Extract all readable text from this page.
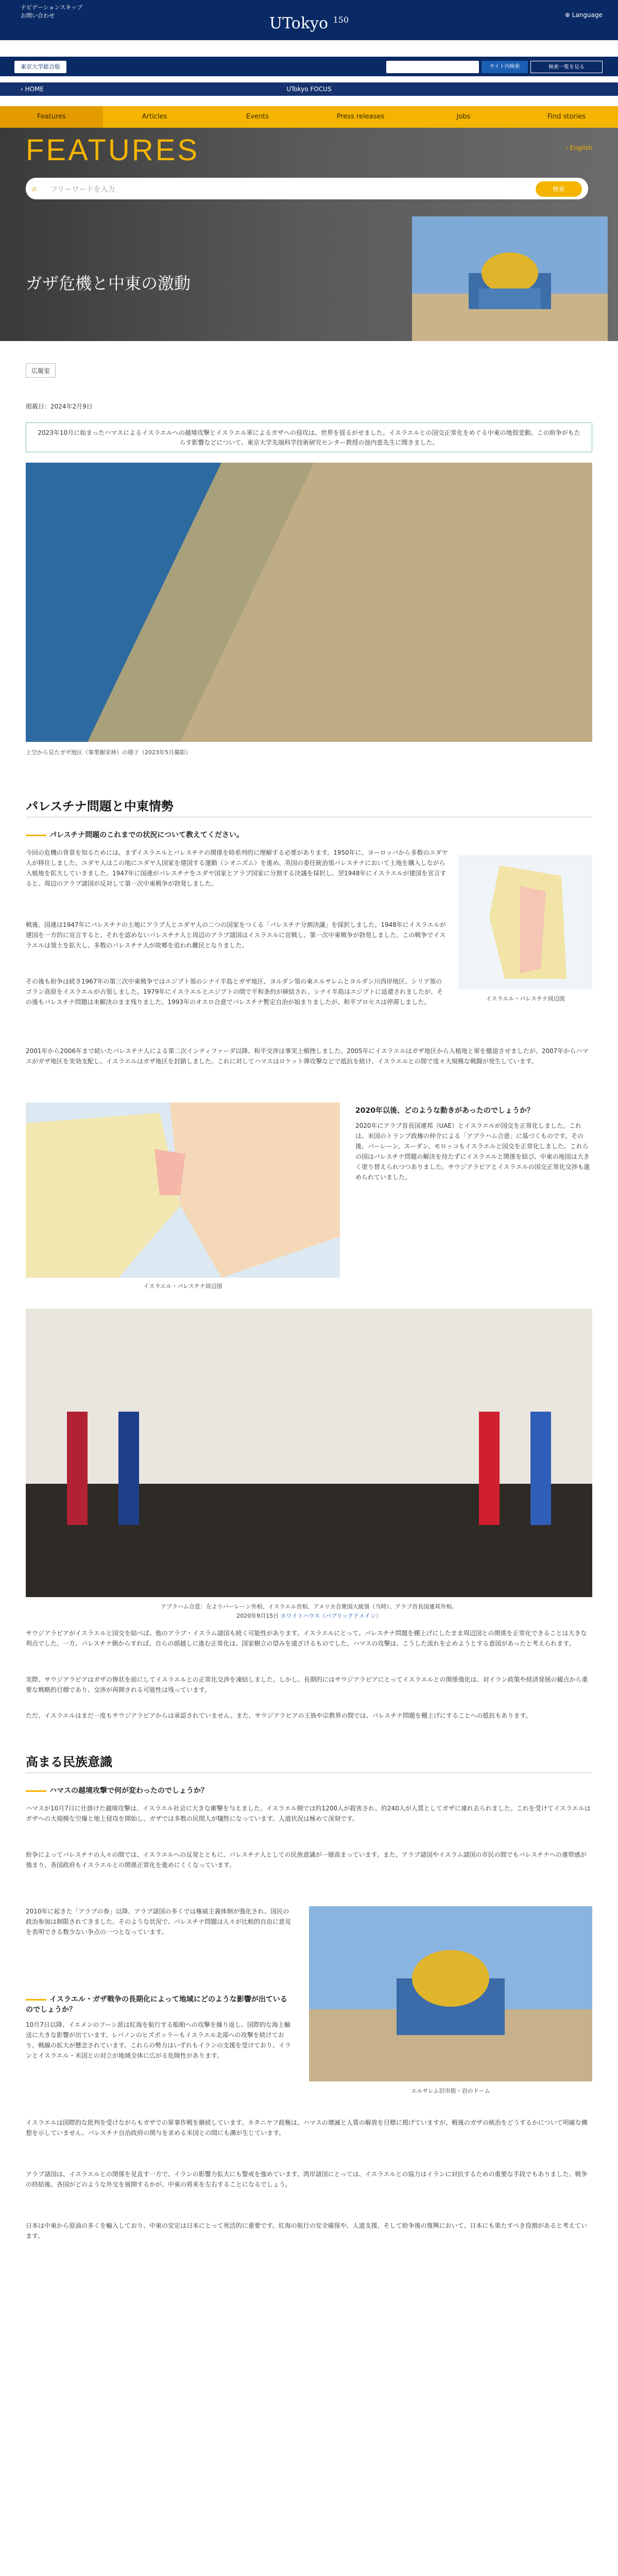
ナビゲーションスキップ
お問い合わせ	UTokyo $^{150}$	⊕ Language
東京大学総合版	サイト内検索	検索一覧を見る
› HOME	UTokyo FOCUS
Features	Articles	Events	Press releases	Jobs	Find stories
FEATURES	› English
⌕ フリーワードを入力	検索
ガザ危機と中東の激動
広報室
掲載日：2024年2月9日
2023年10月に始まったハマスによるイスラエルへの越境攻撃とイスラエル軍によるガザへの侵攻は、世界を揺るがせました。イスラエルとの国交正常化をめぐる中東の地殻変動、この紛争がもたらす影響などについて、東京大学先端科学技術研究センター教授の池内恵先生に聞きました。
上空から見たガザ地区（事業樹栄林）の様子（2023年5月撮影）
パレスチナ問題と中東情勢
パレスチナ問題のこれまでの状況について教えてください。
今回の危機の背景を知るためには、まずイスラエルとパレスチナの関係を時系列的に理解する必要があります。1950年に、ヨーロッパから多数のユダヤ人が移住しました。ユダヤ人はこの地にユダヤ人国家を建国する運動（シオニズム）を進め、英国の委任統治領パレスチナにおいて土地を購入しながら入植地を拡大していきました。1947年に国連がパレスチナをユダヤ国家とアラブ国家に分割する決議を採択し、翌1948年にイスラエルが建国を宣言すると、周辺のアラブ諸国が反対して第一次中東戦争が勃発しました。
戦後、国連は1947年にパレスチナの土地にアラブ人とユダヤ人の二つの国家をつくる「パレスチナ分割決議」を採択しました。1948年にイスラエルが建国を一方的に宣言すると、それを認めないパレスチナ人と周辺のアラブ諸国はイスラエルに宣戦し、第一次中東戦争が勃発しました。この戦争でイスラエルは領土を拡大し、多数のパレスチナ人が故郷を追われ難民となりました。
その後も紛争は続き1967年の第三次中東戦争ではエジプト領のシナイ半島とガザ地区、ヨルダン領の東エルサレムとヨルダン川西岸地区、シリア領のゴラン高原をイスラエルが占領しました。1979年にイスラエルとエジプトの間で平和条約が締結され、シナイ半島はエジプトに返還されましたが、その後もパレスチナ問題は未解決のまま残りました。1993年のオスロ合意でパレスチナ暫定自治が始まりましたが、和平プロセスは停滞しました。
2001年から2006年まで続いたパレスチナ人による第二次インティファーダ以降、和平交渉は事実上頓挫しました。2005年にイスラエルはガザ地区から入植地と軍を撤退させましたが、2007年からハマスがガザ地区を実効支配し、イスラエルはガザ地区を封鎖しました。これに対してハマスはロケット弾攻撃などで抵抗を続け、イスラエルとの間で度々大規模な戦闘が発生しています。
イスラエル・パレスチナ周辺図
イスラエル・パレスチナ周辺図
2020年以後、どのような動きがあったのでしょうか？
2020年にアラブ首長国連邦（UAE）とイスラエルが国交を正常化しました。これは、米国のトランプ政権の仲介による「アブラハム合意」に基づくものです。その後、バーレーン、スーダン、モロッコもイスラエルと国交を正常化しました。これらの国はパレスチナ問題の解決を待たずにイスラエルと関係を結び、中東の地図は大きく塗り替えられつつありました。サウジアラビアとイスラエルの国交正常化交渉も進められていました。
アブラハム合意：左よりバーレーン外相、イスラエル首相、アメリカ合衆国大統領（当時）、アラブ首長国連邦外相。
2020年9月15日 ホワイトハウス（パブリックドメイン）
サウジアラビアがイスラエルと国交を結べば、他のアラブ・イスラム諸国も続く可能性があります。イスラエルにとって、パレスチナ問題を棚上げにしたまま周辺国との関係を正常化できることは大きな利点でした。一方、パレスチナ側からすれば、自らの頭越しに進む正常化は、国家樹立の望みを遠ざけるものでした。ハマスの攻撃は、こうした流れを止めようとする意図があったと考えられます。
実際、サウジアラビアはガザの惨状を前にしてイスラエルとの正常化交渉を凍結しました。しかし、長期的にはサウジアラビアにとってイスラエルとの関係強化は、対イラン政策や経済発展の観点から重要な戦略的目標であり、交渉が再開される可能性は残っています。
ただ、イスラエルはまだ一度もサウジアラビアからは承認されていません。また、サウジアラビアの王族や宗教界の間では、パレスチナ問題を棚上げにすることへの抵抗もあります。
高まる民族意識
ハマスの越境攻撃で何が変わったのでしょうか？
ハマスが10月7日に仕掛けた越境攻撃は、イスラエル社会に大きな衝撃を与えました。イスラエル側では約1200人が殺害され、約240人が人質としてガザに連れ去られました。これを受けてイスラエルはガザへの大規模な空爆と地上侵攻を開始し、ガザでは多数の民間人が犠牲になっています。人道状況は極めて深刻です。
紛争によってパレスチナの人々の間では、イスラエルへの反発とともに、パレスチナ人としての民族意識が一層高まっています。また、アラブ諸国やイスラム諸国の市民の間でもパレスチナへの連帯感が強まり、各国政府もイスラエルとの関係正常化を進めにくくなっています。
2010年に起きた「アラブの春」以降、アラブ諸国の多くでは権威主義体制が強化され、国民の政治参加は制限されてきました。そのような状況で、パレスチナ問題は人々が比較的自由に意見を表明できる数少ない争点の一つとなっています。
エルサレム旧市街・岩のドーム
イスラエル・ガザ戦争の長期化によって地域にどのような影響が出ているのでしょうか？
10月7日以降、イエメンのフーシ派は紅海を航行する船舶への攻撃を繰り返し、国際的な海上輸送に大きな影響が出ています。レバノンのヒズボッラーもイスラエル北部への攻撃を続けており、戦線の拡大が懸念されています。これらの勢力はいずれもイランの支援を受けており、イランとイスラエル・米国との対立が地域全体に広がる危険性があります。
イスラエルは国際的な批判を受けながらもガザでの軍事作戦を継続しています。ネタニヤフ政権は、ハマスの壊滅と人質の解放を目標に掲げていますが、戦後のガザの統治をどうするかについて明確な構想を示していません。パレスチナ自治政府の関与を求める米国との間にも溝が生じています。
アラブ諸国は、イスラエルとの関係を見直す一方で、イランの影響力拡大にも警戒を強めています。湾岸諸国にとっては、イスラエルとの協力はイランに対抗するための重要な手段でもありました。戦争の終結後、各国がどのような外交を展開するかが、中東の将来を左右することになるでしょう。
日本は中東から原油の多くを輸入しており、中東の安定は日本にとって死活的に重要です。紅海の航行の安全確保や、人道支援、そして紛争後の復興において、日本にも果たすべき役割があると考えています。
